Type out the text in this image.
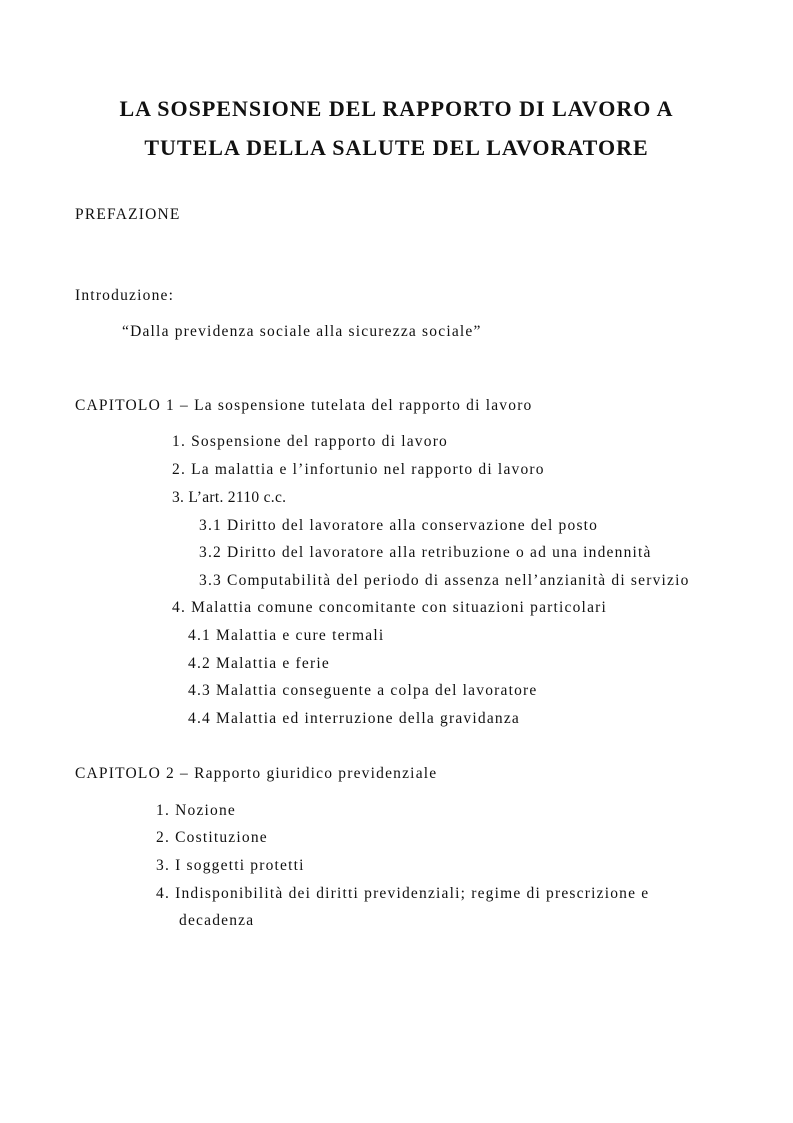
LA SOSPENSIONE DEL RAPPORTO DI LAVORO A
TUTELA DELLA SALUTE DEL LAVORATORE
PREFAZIONE
Introduzione:
“Dalla previdenza sociale alla sicurezza sociale”
CAPITOLO 1 – La sospensione tutelata del rapporto di lavoro
1. Sospensione del rapporto di lavoro
2. La malattia e l’infortunio nel rapporto di lavoro
3. L’art. 2110 c.c.
3.1 Diritto del lavoratore alla conservazione del posto
3.2 Diritto del lavoratore alla retribuzione o ad una indennità
3.3 Computabilità del periodo di assenza nell’anzianità di servizio
4. Malattia comune concomitante con situazioni particolari
4.1 Malattia e cure termali
4.2 Malattia e ferie
4.3 Malattia conseguente a colpa del lavoratore
4.4 Malattia ed interruzione della gravidanza
CAPITOLO 2 – Rapporto giuridico previdenziale
1. Nozione
2. Costituzione
3. I soggetti protetti
4. Indisponibilità dei diritti previdenziali; regime di prescrizione e
decadenza
